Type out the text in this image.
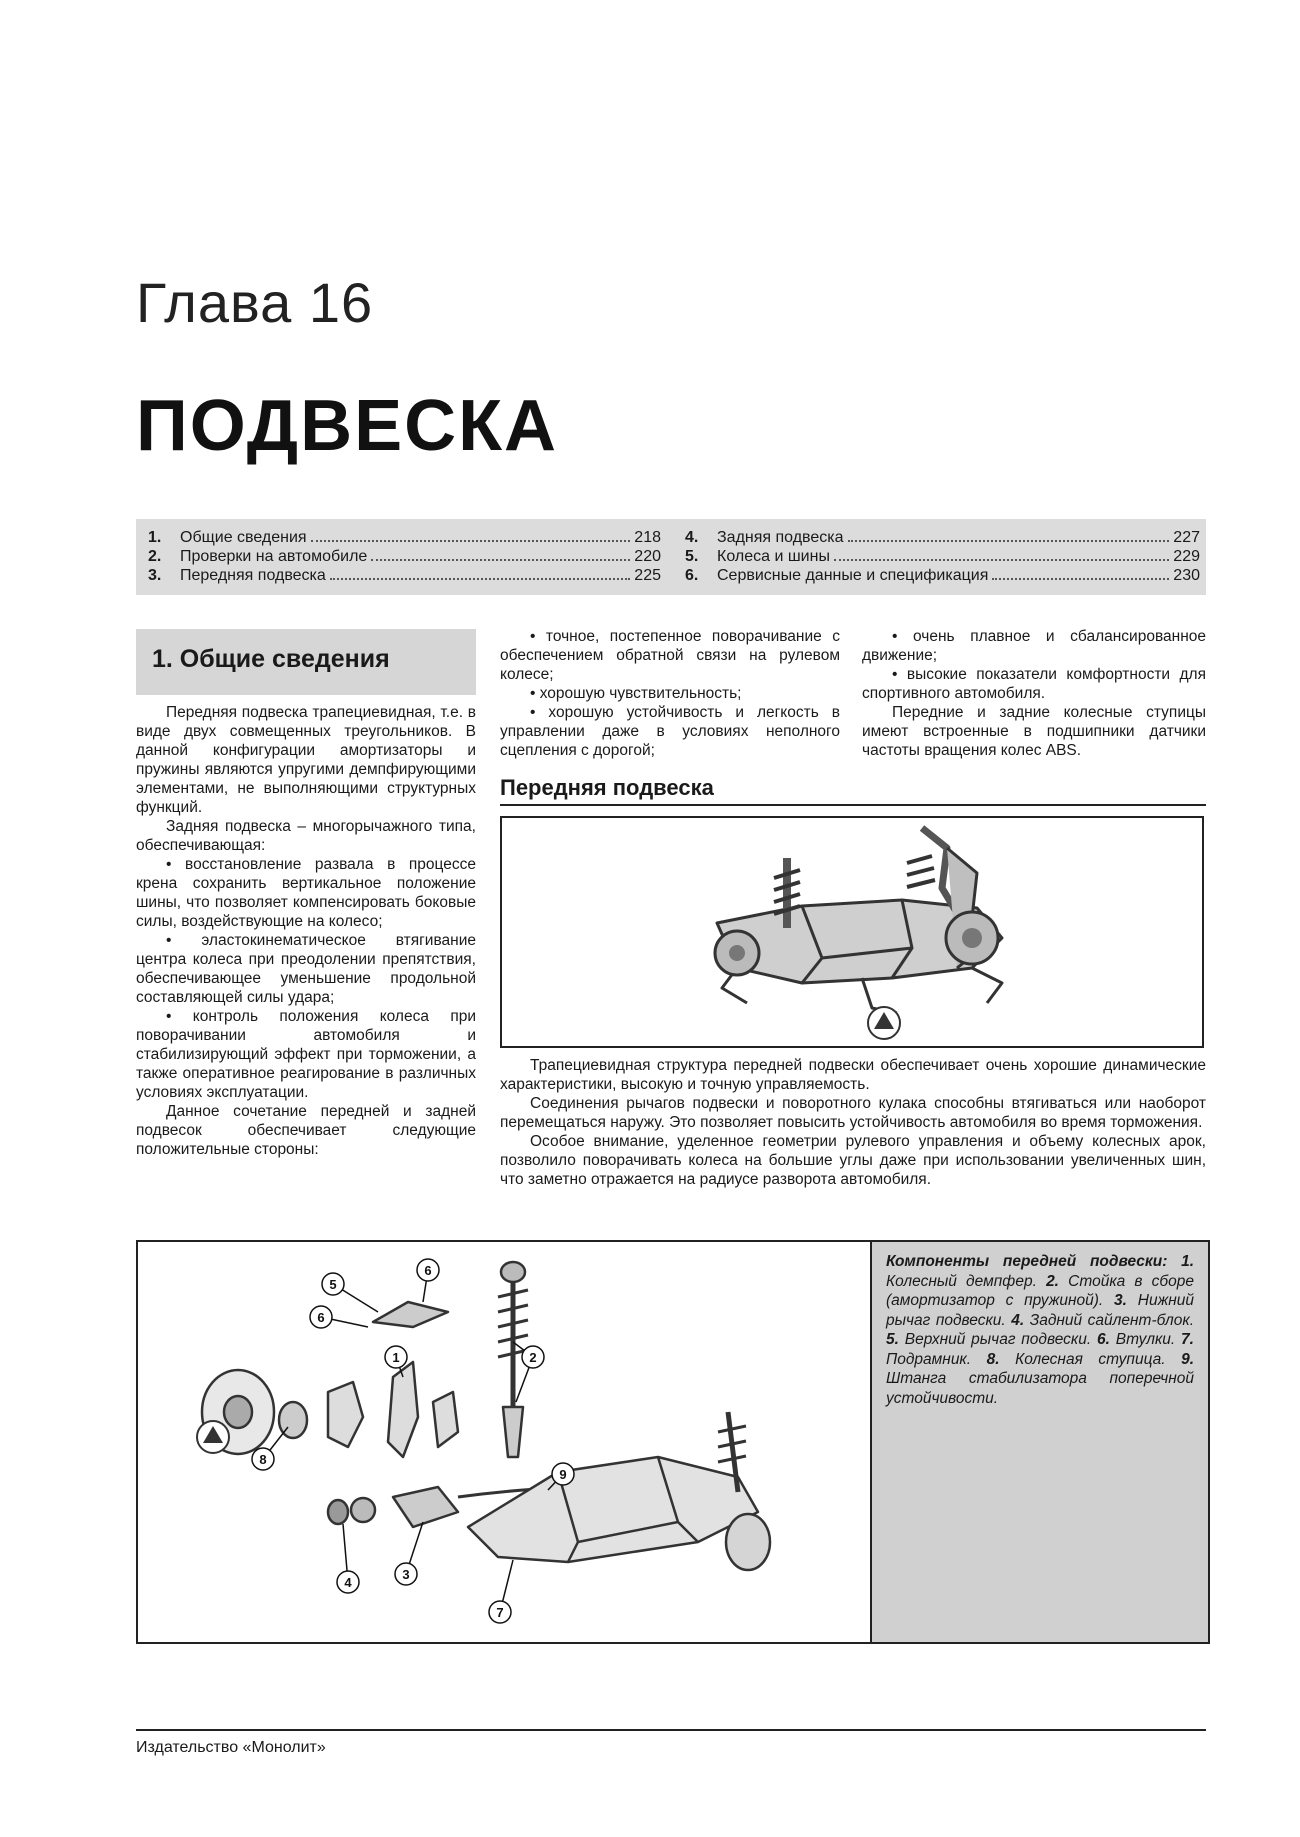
Глава 16
ПОДВЕСКА
1.	Общие сведения	218
2.	Проверки на автомобиле	220
3.	Передняя подвеска	225
4.	Задняя подвеска	227
5.	Колеса и шины	229
6.	Сервисные данные и спецификация	230
1. Общие сведения

Передняя подвеска трапециевидная, т.е. в виде двух совмещенных треугольников. В данной конфигурации амортизаторы и пружины являются упругими демпфирующими элементами, не выполняющими структурных функций.

Задняя подвеска – многорычажного типа, обеспечивающая:

• восстановление развала в процессе крена сохранить вертикальное положение шины, что позволяет компенсировать боковые силы, воздействующие на колесо;

• эластокинематическое втягивание центра колеса при преодолении препятствия, обеспечивающее уменьшение продольной составляющей силы удара;

• контроль положения колеса при поворачивании автомобиля и стабилизирующий эффект при торможении, а также оперативное реагирование в различных условиях эксплуатации.

Данное сочетание передней и задней подвесок обеспечивает следующие положительные стороны:

• точное, постепенное поворачивание с обеспечением обратной связи на рулевом колесе;

• хорошую чувствительность;

• хорошую устойчивость и легкость в управлении даже в условиях неполного сцепления с дорогой;

• очень плавное и сбалансированное движение;

• высокие показатели комфортности для спортивного автомобиля.

Передние и задние колесные ступицы имеют встроенные в подшипники датчики частоты вращения колес ABS.

Передняя подвеска

Трапециевидная структура передней подвески обеспечивает очень хорошие динамические характеристики, высокую и точную управляемость.

Соединения рычагов подвески и поворотного кулака способны втягиваться или наоборот перемещаться наружу. Это позволяет повысить устойчивость автомобиля во время торможения.

Особое внимание, уделенное геометрии рулевого управления и объему колесных арок, позволило поворачивать колеса на большие углы даже при использовании увеличенных шин, что заметно отражается на радиусе разворота автомобиля.

5
6
6
1	2
8
9
3
4
7
Компоненты передней подвески: 1. Колесный демпфер. 2. Стойка в сборе (амортизатор с пружиной). 3. Нижний рычаг подвески. 4. Задний сайлент-блок. 5. Верхний рычаг подвески. 6. Втулки. 7. Подрамник. 8. Колесная ступица. 9. Штанга стабилизатора поперечной устойчивости.
Издательство «Монолит»
